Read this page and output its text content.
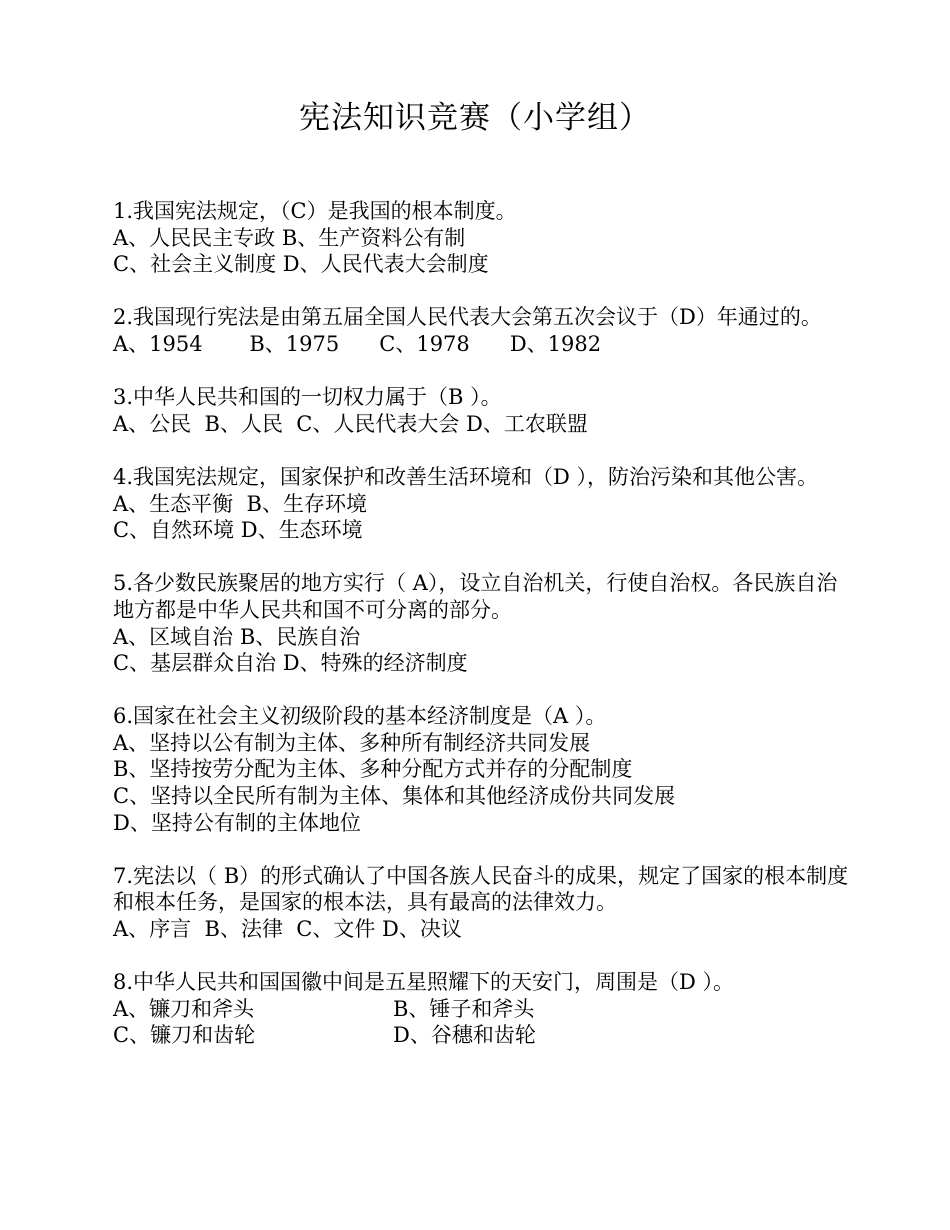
宪法知识竞赛（小学组）
1.我国宪法规定，（C）是我国的根本制度。
A、人民民主专政 B、生产资料公有制
C、社会主义制度 D、人民代表大会制度
2.我国现行宪法是由第五届全国人民代表大会第五次会议于（D）年通过的。
A、1954       B、1975      C、1978      D、1982
3.中华人民共和国的一切权力属于（B ）。
A、公民  B、人民  C、人民代表大会 D、工农联盟
4.我国宪法规定，国家保护和改善生活环境和（D ），防治污染和其他公害。
A、生态平衡  B、生存环境
C、自然环境 D、生态环境
5.各少数民族聚居的地方实行（ A），设立自治机关，行使自治权。各民族自治地方都是中华人民共和国不可分离的部分。
A、区域自治 B、民族自治
C、基层群众自治 D、特殊的经济制度
6.国家在社会主义初级阶段的基本经济制度是（A ）。
A、坚持以公有制为主体、多种所有制经济共同发展
B、坚持按劳分配为主体、多种分配方式并存的分配制度
C、坚持以全民所有制为主体、集体和其他经济成份共同发展
D、坚持公有制的主体地位
7.宪法以（ B）的形式确认了中国各族人民奋斗的成果，规定了国家的根本制度和根本任务，是国家的根本法，具有最高的法律效力。
A、序言  B、法律  C、文件 D、决议
8.中华人民共和国国徽中间是五星照耀下的天安门，周围是（D ）。
A、镰刀和斧头	B、锤子和斧头
C、镰刀和齿轮	D、谷穗和齿轮
